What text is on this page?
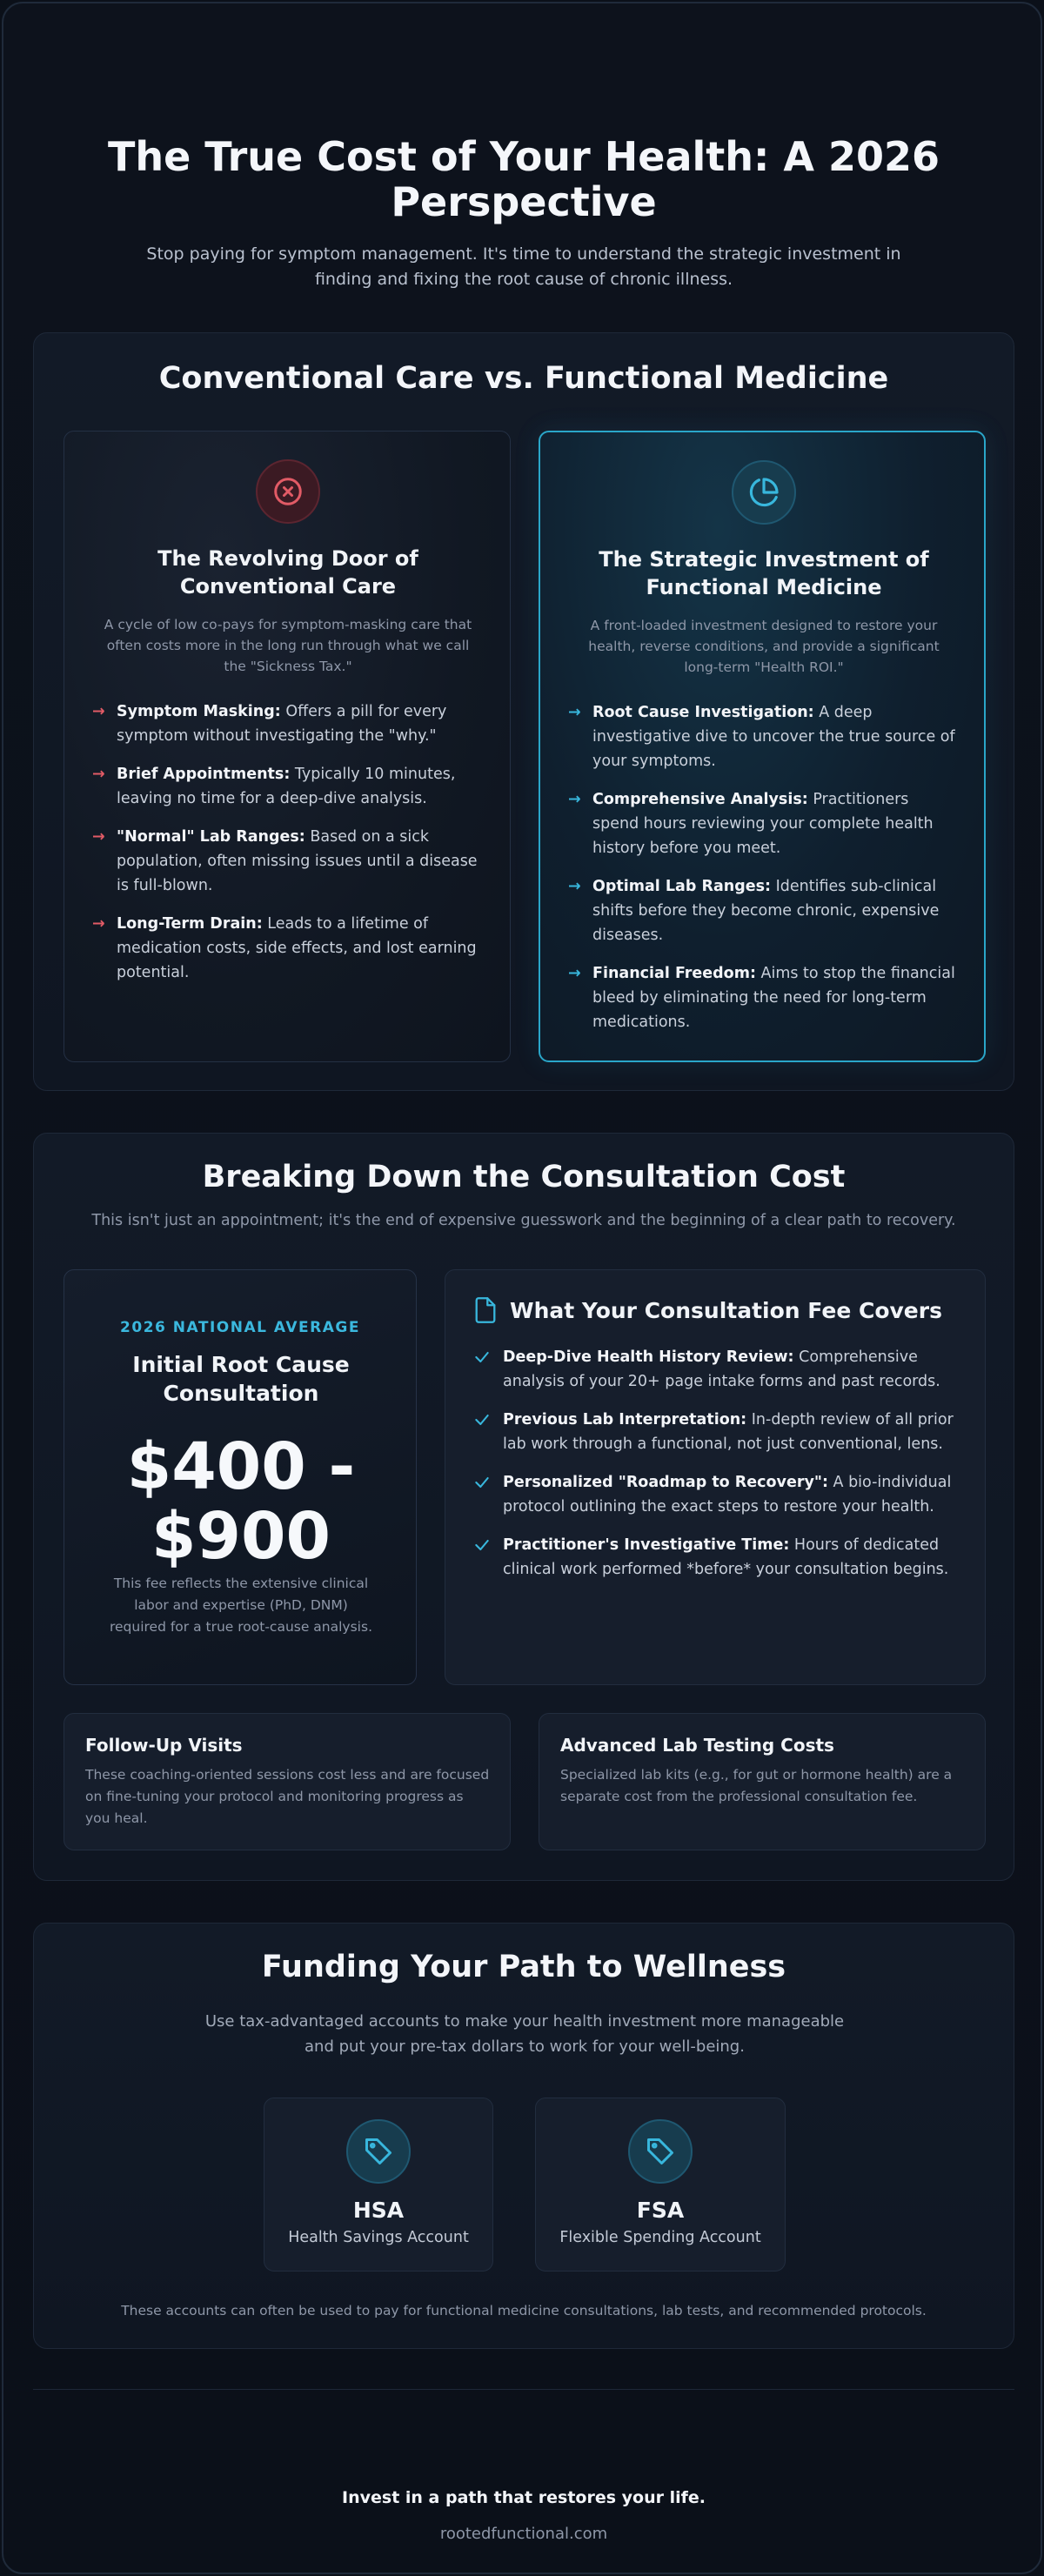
The True Cost of Your Health: A 2026 Perspective

Stop paying for symptom management. It's time to understand the strategic investment in finding and fixing the root cause of chronic illness.

Conventional Care vs. Functional Medicine
The Revolving Door of Conventional Care

A cycle of low co-pays for symptom-masking care that often costs more in the long run through what we call the "Sickness Tax."

→ Symptom Masking: Offers a pill for every symptom without investigating the "why."
→ Brief Appointments: Typically 10 minutes, leaving no time for a deep-dive analysis.
→ "Normal" Lab Ranges: Based on a sick population, often missing issues until a disease is full-blown.
→ Long-Term Drain: Leads to a lifetime of medication costs, side effects, and lost earning potential.
The Strategic Investment of Functional Medicine

A front-loaded investment designed to restore your health, reverse conditions, and provide a significant long-term "Health ROI."

→ Root Cause Investigation: A deep investigative dive to uncover the true source of your symptoms.
→ Comprehensive Analysis: Practitioners spend hours reviewing your complete health history before you meet.
→ Optimal Lab Ranges: Identifies sub-clinical shifts before they become chronic, expensive diseases.
→ Financial Freedom: Aims to stop the financial bleed by eliminating the need for long-term medications.
Breaking Down the Consultation Cost

This isn't just an appointment; it's the end of expensive guesswork and the beginning of a clear path to recovery.

2026 NATIONAL AVERAGE
Initial Root Cause Consultation
$400 - $900
This fee reflects the extensive clinical labor and expertise (PhD, DNM) required for a true root-cause analysis.
What Your Consultation Fee Covers
Deep-Dive Health History Review: Comprehensive analysis of your 20+ page intake forms and past records.
Previous Lab Interpretation: In-depth review of all prior lab work through a functional, not just conventional, lens.
Personalized "Roadmap to Recovery": A bio-individual protocol outlining the exact steps to restore your health.
Practitioner's Investigative Time: Hours of dedicated clinical work performed *before* your consultation begins.
Follow-Up Visits
These coaching-oriented sessions cost less and are focused on fine-tuning your protocol and monitoring progress as you heal.
Advanced Lab Testing Costs
Specialized lab kits (e.g., for gut or hormone health) are a separate cost from the professional consultation fee.
Funding Your Path to Wellness

Use tax-advantaged accounts to make your health investment more manageable and put your pre-tax dollars to work for your well-being.

HSA
Health Savings Account
FSA
Flexible Spending Account

These accounts can often be used to pay for functional medicine consultations, lab tests, and recommended protocols.

Invest in a path that restores your life.
rootedfunctional.com
